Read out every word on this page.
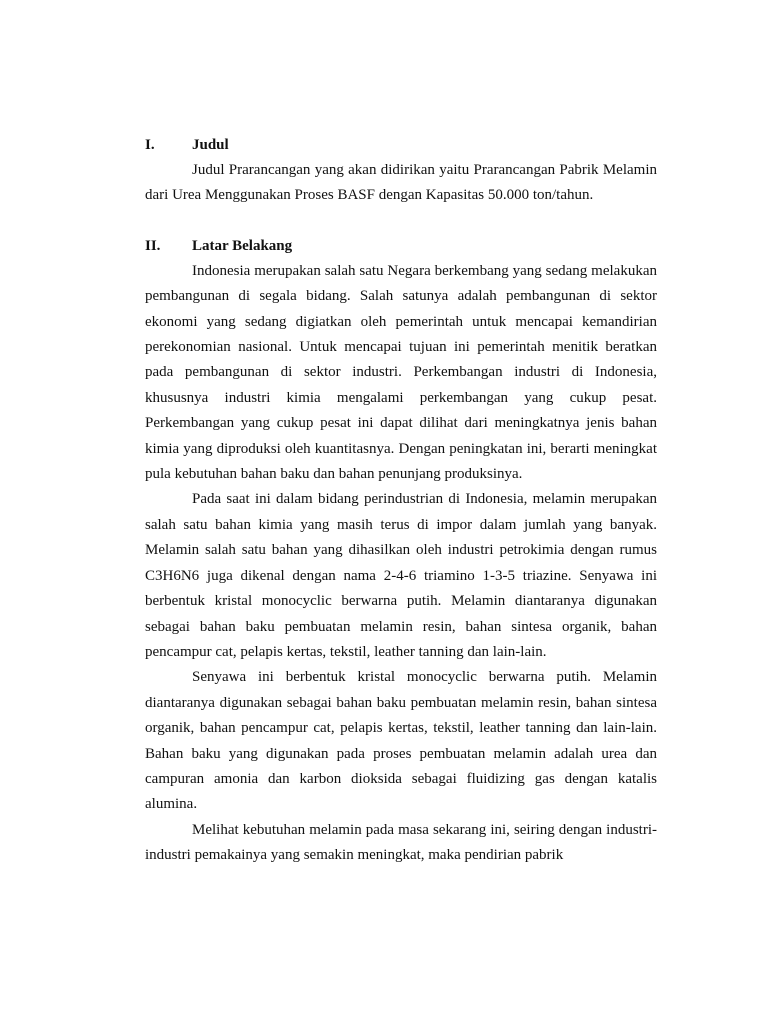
I. Judul

Judul Prarancangan yang akan didirikan yaitu Prarancangan Pabrik Melamin dari Urea Menggunakan Proses BASF dengan Kapasitas 50.000 ton/tahun.

II. Latar Belakang

Indonesia merupakan salah satu Negara berkembang yang sedang melakukan pembangunan di segala bidang. Salah satunya adalah pembangunan di sektor ekonomi yang sedang digiatkan oleh pemerintah untuk mencapai kemandirian perekonomian nasional. Untuk mencapai tujuan ini pemerintah menitik beratkan pada pembangunan di sektor industri. Perkembangan industri di Indonesia, khususnya industri kimia mengalami perkembangan yang cukup pesat. Perkembangan yang cukup pesat ini dapat dilihat dari meningkatnya jenis bahan kimia yang diproduksi oleh kuantitasnya. Dengan peningkatan ini, berarti meningkat pula kebutuhan bahan baku dan bahan penunjang produksinya.

Pada saat ini dalam bidang perindustrian di Indonesia, melamin merupakan salah satu bahan kimia yang masih terus di impor dalam jumlah yang banyak. Melamin salah satu bahan yang dihasilkan oleh industri petrokimia dengan rumus C3H6N6 juga dikenal dengan nama 2-4-6 triamino 1-3-5 triazine. Senyawa ini berbentuk kristal monocyclic berwarna putih. Melamin diantaranya digunakan sebagai bahan baku pembuatan melamin resin, bahan sintesa organik, bahan pencampur cat, pelapis kertas, tekstil, leather tanning dan lain-lain.

Senyawa ini berbentuk kristal monocyclic berwarna putih. Melamin diantaranya digunakan sebagai bahan baku pembuatan melamin resin, bahan sintesa organik, bahan pencampur cat, pelapis kertas, tekstil, leather tanning dan lain-lain. Bahan baku yang digunakan pada proses pembuatan melamin adalah urea dan campuran amonia dan karbon dioksida sebagai fluidizing gas dengan katalis alumina.

Melihat kebutuhan melamin pada masa sekarang ini, seiring dengan industri-industri pemakainya yang semakin meningkat, maka pendirian pabrik
